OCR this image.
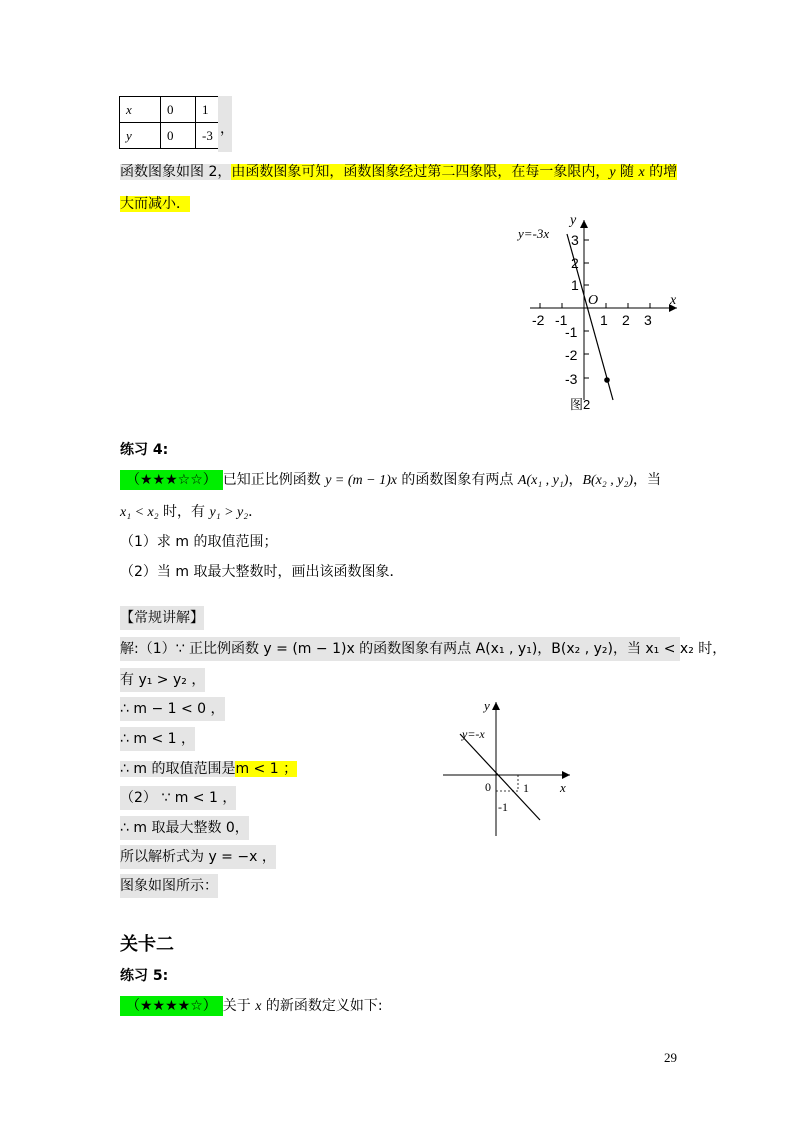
x	0	1
y	0	-3 ，
函数图象如图 2，由函数图象可知，函数图象经过第二四象限，在每一象限内，y 随 x 的增
大而减小．
y=-3x
x
y
O
-2 -1 1 2 3
3
2
1
-1
-2
-3
图2
练习 4:
（★★★☆☆） 已知正比例函数 y = (m − 1)x 的函数图象有两点 A(x₁ , y₁)，B(x₂ , y₂)，当
x₁ < x₂ 时，有 y₁ > y₂．
（1）求 m 的取值范围；
（2）当 m 取最大整数时，画出该函数图象．
【常规讲解】
解:（1）∵ 正比例函数 y = (m − 1)x 的函数图象有两点 A(x₁ , y₁)，B(x₂ , y₂)，当 x₁ < x₂ 时，
有 y₁ > y₂ ，
∴ m − 1 < 0 ，
∴ m < 1 ，
∴ m 的取值范围是m < 1 ；
（2） ∵ m < 1 ，
∴ m 取最大整数 0，
所以解析式为 y = −x ，
图象如图所示：
y=-x
x
y
0	1
-1
关卡二
练习 5:
（★★★★☆） 关于 x 的新函数定义如下:
29
